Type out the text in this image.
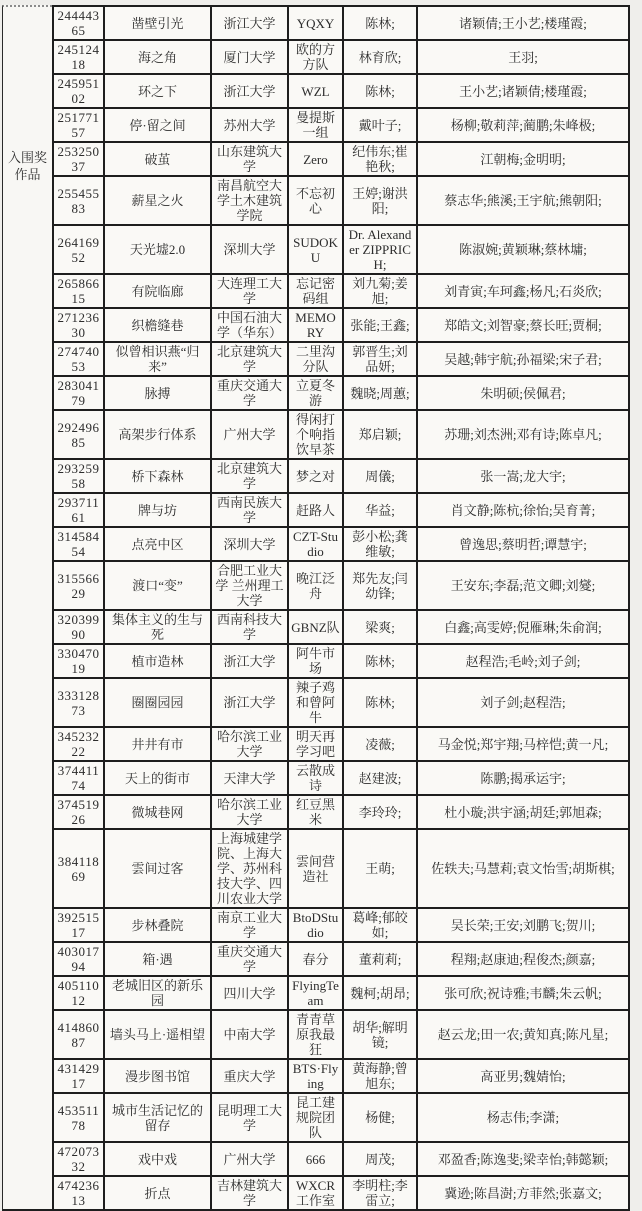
入围奖作品
24444365	凿壁引光	浙江大学	YQXY	陈林;	诸颖倩;王小艺;楼瑾霞;
24512418	海之角	厦门大学	欧的方方队	林育欣;	王羽;
24595102	环之下	浙江大学	WZL	陈林;	王小艺;诸颖倩;楼瑾霞;
25177157	停·留之间	苏州大学	曼提斯一组	戴叶子;	杨柳;敬莉萍;蔺鹏;朱峰极;
25325037	破茧	山东建筑大学	Zero	纪伟东;崔艳秋;	江朝梅;金明明;
25545583	薪星之火	南昌航空大学土木建筑学院	不忘初心	王婷;谢洪阳;	蔡志华;熊溪;王宇航;熊朝阳;
26416952	天光墟2.0	深圳大学	SUDOKU	Dr. Alexander ZIPPRICH;	陈淑婉;黄颖琳;蔡林墉;
26586615	有院临廊	大连理工大学	忘记密码组	刘九菊;姜旭;	刘青寅;车珂鑫;杨凡;石炎欣;
27123630	织檐缝巷	中国石油大学（华东）	MEMORY	张能;王鑫;	郑皓文;刘智豪;蔡长旺;贾桐;
27474053	似曾相识燕“归来”	北京建筑大学	二里沟分队	郭晋生;刘品妍;	吴越;韩宇航;孙福梁;宋子君;
28304179	脉搏	重庆交通大学	立夏冬游	魏晓;周蕙;	朱明硕;侯佩君;
29249685	高架步行体系	广州大学	得闲打个响指饮早茶	郑启颖;	苏珊;刘杰洲;邓有诗;陈卓凡;
29325958	桥下森林	北京建筑大学	梦之对	周儀;	张一嵩;龙大宇;
29371161	牌与坊	西南民族大学	赶路人	华益;	肖文静;陈杭;徐怡;吴育菁;
31458454	点亮中区	深圳大学	CZT-Studio	彭小松;龚维敏;	曾逸思;蔡明哲;谭慧宇;
31556629	渡口“变”	合肥工业大学 兰州理工大学	晚江泛舟	郑先友;闫幼锋;	王安东;李磊;范文卿;刘夑;
32039990	集体主义的生与死	西南科技大学	GBNZ队	梁爽;	白鑫;高雯婷;倪雁琳;朱俞润;
33047019	植市造林	浙江大学	阿牛市场	陈林;	赵程浩;毛岭;刘子剑;
33312873	圈圈园园	浙江大学	辣子鸡和曾阿牛	陈林;	刘子剑;赵程浩;
34523222	井井有市	哈尔滨工业大学	明天再学习吧	凌薇;	马金悦;郑宇翔;马梓恺;黄一凡;
37441174	天上的街市	天津大学	云散成诗	赵建波;	陈鹏;揭承运宇;
37451926	微城巷网	哈尔滨工业大学	红豆黑米	李玲玲;	杜小璇;洪宇涵;胡廷;郭旭森;
38411869	雲间过客	上海城建学院、上海大学、苏州科技大学、四川农业大学	雲间营造社	王萌;	佐轶夫;马慧莉;袁文怡雪;胡斯棋;
39251517	步林叠院	南京工业大学	BtoDStudio	葛峰;郁皎如;	吴长荣;王安;刘鹏飞;贺川;
40301794	箱·遇	重庆交通大学	春分	董莉莉;	程翔;赵康迪;程俊杰;颜嘉;
40511012	老城旧区的新乐园	四川大学	FlyingTeam	魏柯;胡昂;	张可欣;祝诗雅;韦麟;朱云帆;
41486087	墙头马上·遥相望	中南大学	青青草原我最狂	胡华;解明镜;	赵云龙;田一农;黄知真;陈凡星;
43142917	漫步图书馆	重庆大学	BTS·Flying	黄海静;曾旭东;	高亚男;魏婧怡;
45351178	城市生活记忆的留存	昆明理工大学	昆工建规院团队	杨健;	杨志伟;李潇;
47207332	戏中戏	广州大学	666	周茂;	邓盈香;陈逸斐;梁幸怡;韩懿颖;
47423613	折点	吉林建筑大学	WXCR工作室	李明柱;李雷立;	冀逊;陈昌澍;方菲然;张嘉文;
